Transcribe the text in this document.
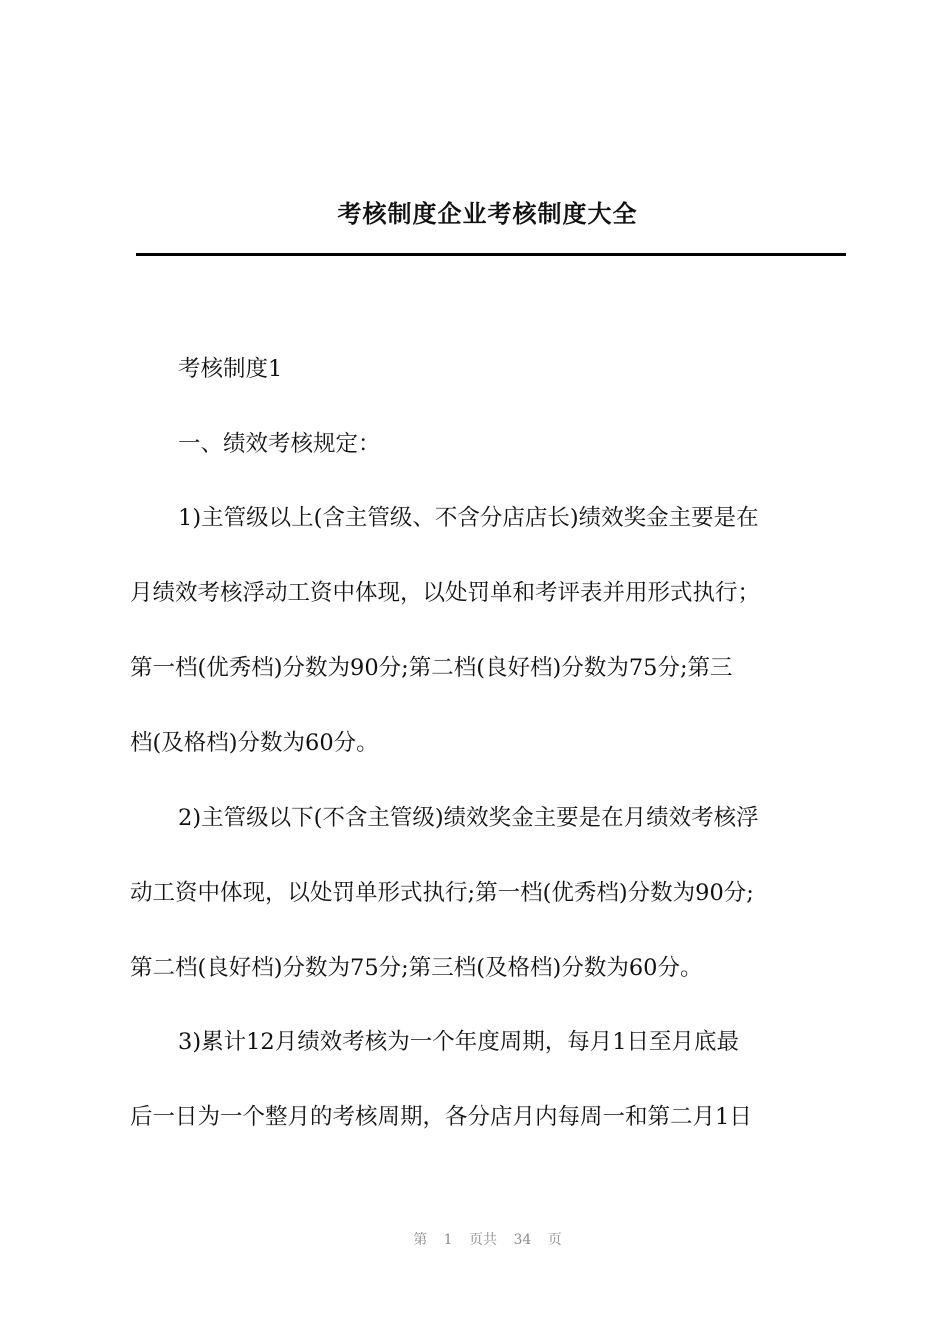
考核制度企业考核制度大全

考核制度1

一、绩效考核规定：

1)主管级以上(含主管级、不含分店店长)绩效奖金主要是在

月绩效考核浮动工资中体现，以处罚单和考评表并用形式执行；

第一档(优秀档)分数为90分;第二档(良好档)分数为75分;第三

档(及格档)分数为60分。

2)主管级以下(不含主管级)绩效奖金主要是在月绩效考核浮

动工资中体现，以处罚单形式执行;第一档(优秀档)分数为90分;

第二档(良好档)分数为75分;第三档(及格档)分数为60分。

3)累计12月绩效考核为一个年度周期，每月1日至月底最

后一日为一个整月的考核周期，各分店月内每周一和第二月1日

第 1 页共 34 页
